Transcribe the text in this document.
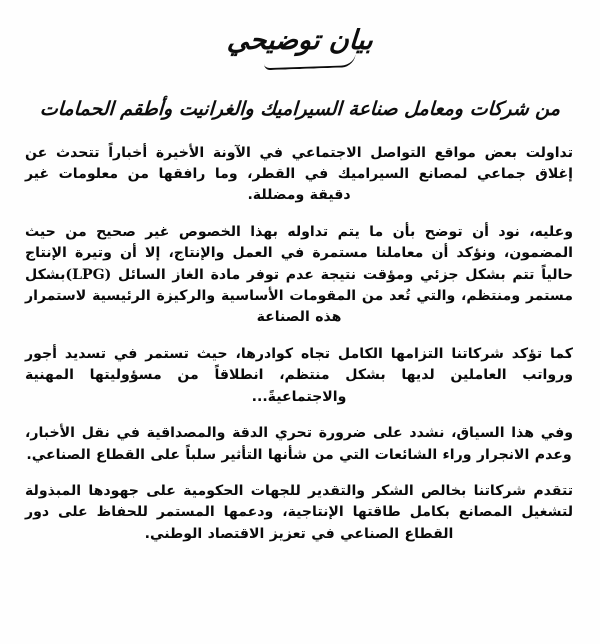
بيان توضيحي
من شركات ومعامل صناعة السيراميك والغرانيت وأطقم الحمامات

تداولت بعض مواقع التواصل الاجتماعي في الآونة الأخيرة أخباراً تتحدث عن إغلاق جماعي لمصانع السيراميك في القطر، وما رافقها من معلومات غير دقيقة ومضللة.

وعليه، نود أن توضح بأن ما يتم تداوله بهذا الخصوص غير صحيح من حيث المضمون، ونؤكد أن معاملنا مستمرة في العمل والإنتاج، إلا أن وتيرة الإنتاج حالياً تتم بشكل جزئي ومؤقت نتيجة عدم توفر مادة الغاز السائل (LPG)بشكل مستمر ومنتظم، والتي تُعد من المقومات الأساسية والركيزة الرئيسية لاستمرار هذه الصناعة

كما تؤكد شركاتنا التزامها الكامل تجاه كوادرها، حيث تستمر في تسديد أجور ورواتب العاملين لديها بشكل منتظم، انطلاقاً من مسؤوليتها المهنية والاجتماعيةً...

وفي هذا السياق، نشدد على ضرورة تحري الدقة والمصداقية في نقل الأخبار، وعدم الانجرار وراء الشائعات التي من شأنها التأثير سلباً على القطاع الصناعي.

تتقدم شركاتنا بخالص الشكر والتقدير للجهات الحكومية على جهودها المبذولة لتشغيل المصانع بكامل طاقتها الإنتاجية، ودعمها المستمر للحفاظ على دور القطاع الصناعي في تعزيز الاقتصاد الوطني.
